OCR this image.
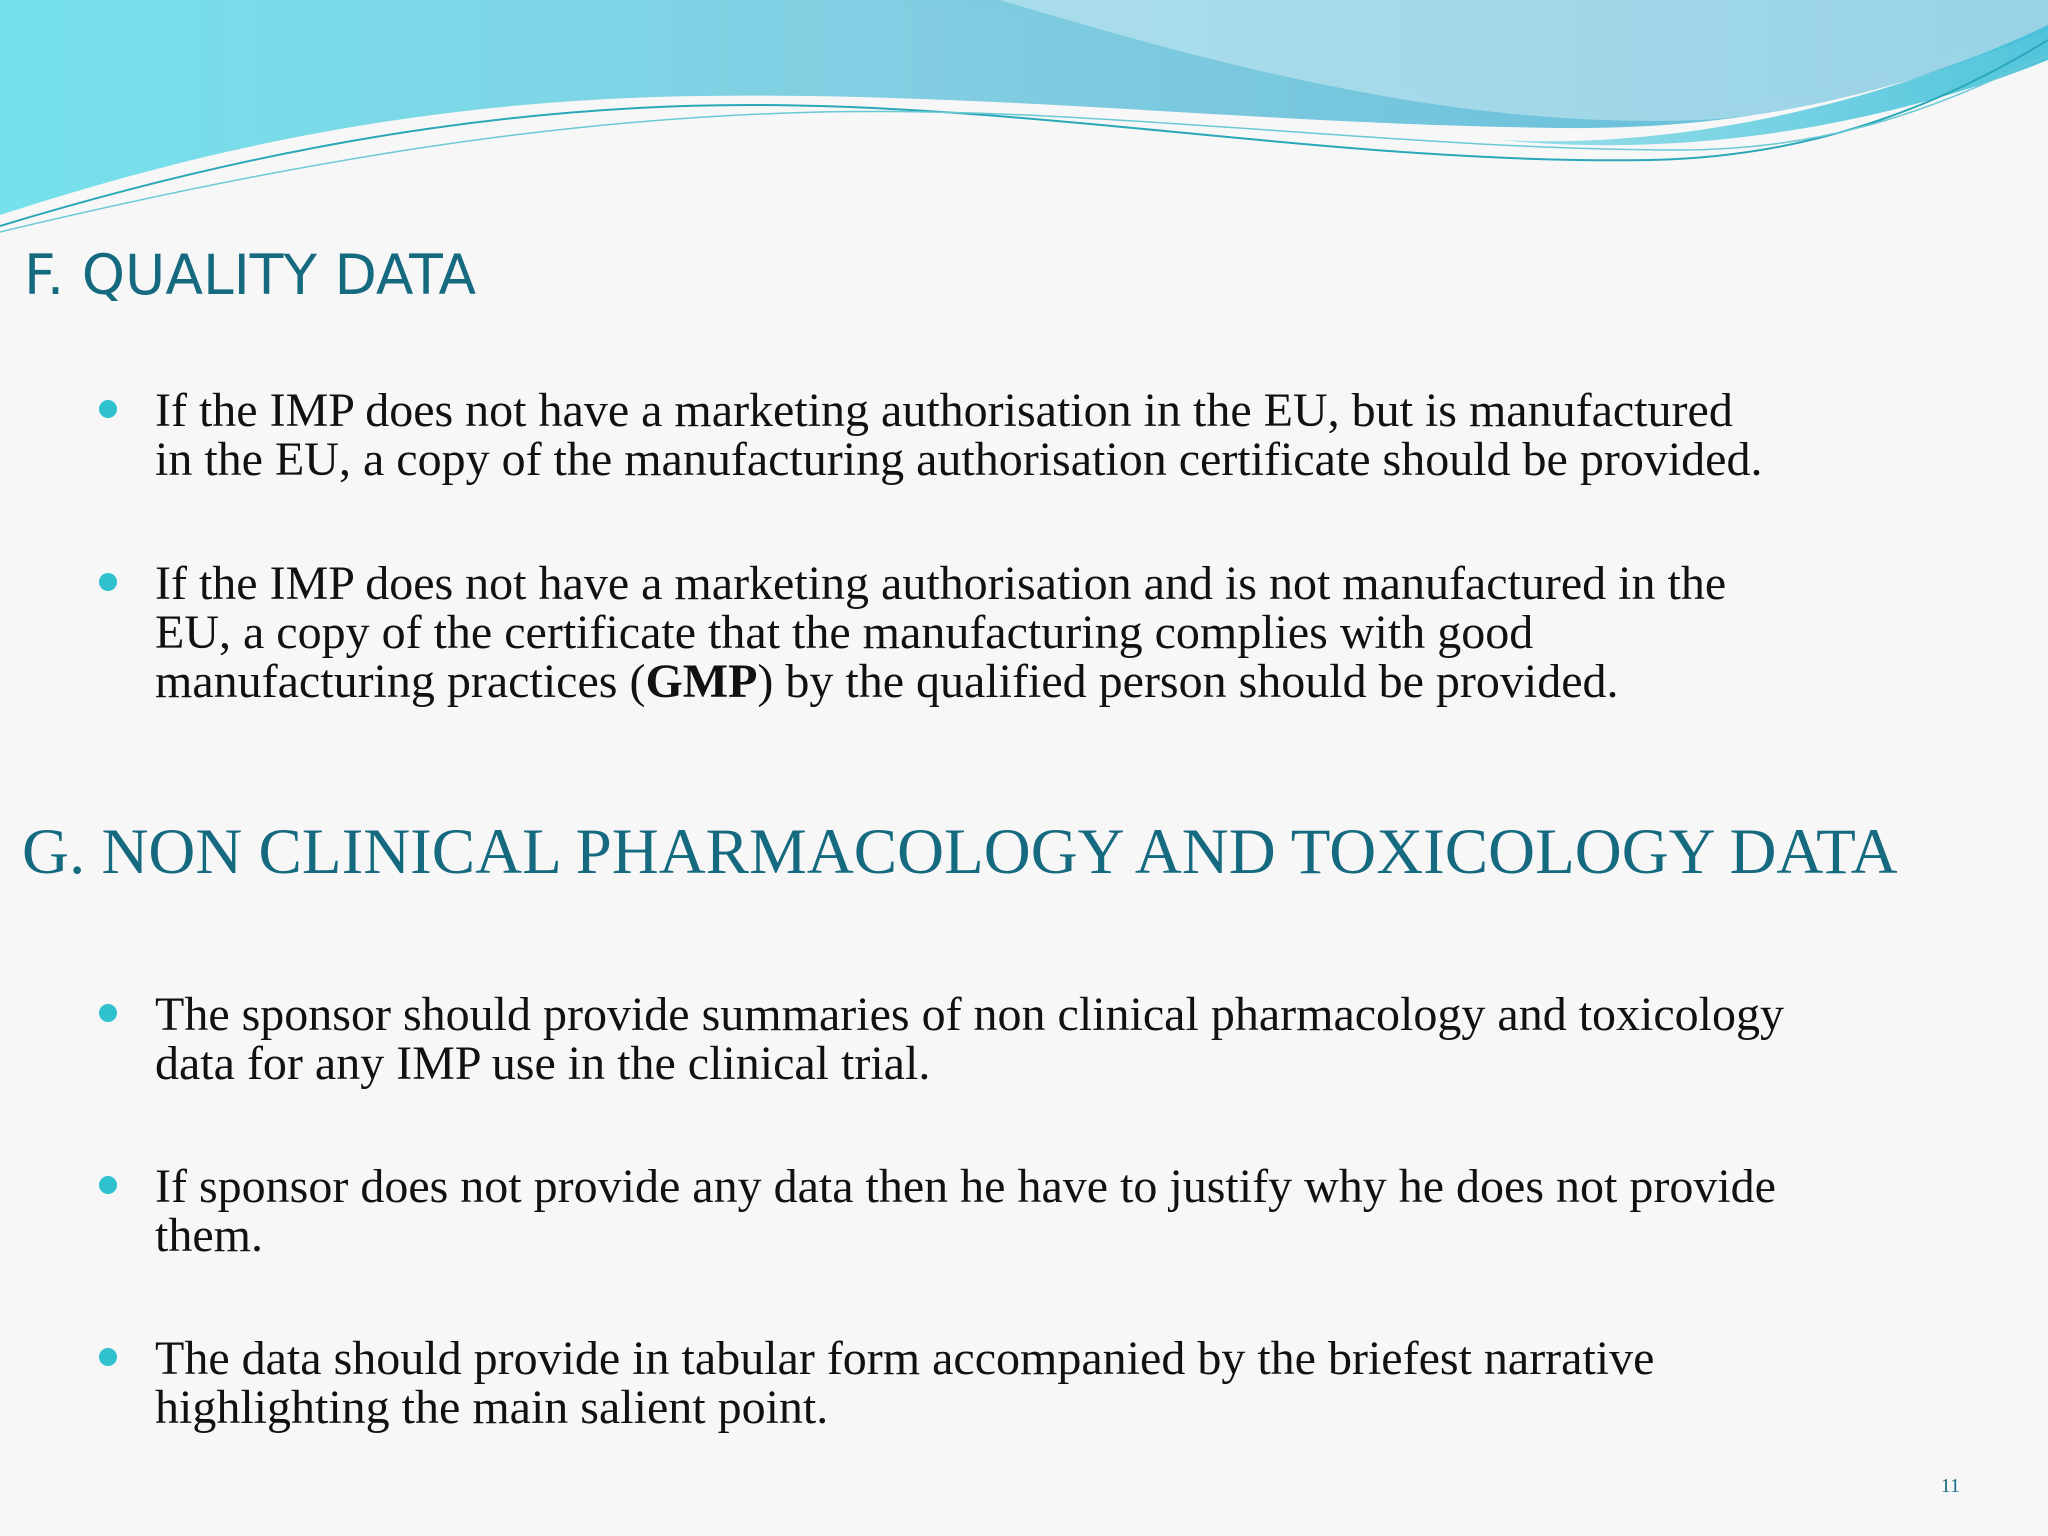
F. QUALITY DATA
If the IMP does not have a marketing authorisation in the EU, but is manufactured
in the EU, a copy of the manufacturing authorisation certificate should be provided.
If the IMP does not have a marketing authorisation and is not manufactured in the
EU, a copy of the certificate that the manufacturing complies with good
manufacturing practices (GMP) by the qualified person should be provided.
G. NON CLINICAL PHARMACOLOGY AND TOXICOLOGY DATA
The sponsor should provide summaries of non clinical pharmacology and toxicology
data for any IMP use in the clinical trial.
If sponsor does not provide any data then he have to justify why he does not provide
them.
The data should provide in tabular form accompanied by the briefest narrative
highlighting the main salient point.
11
